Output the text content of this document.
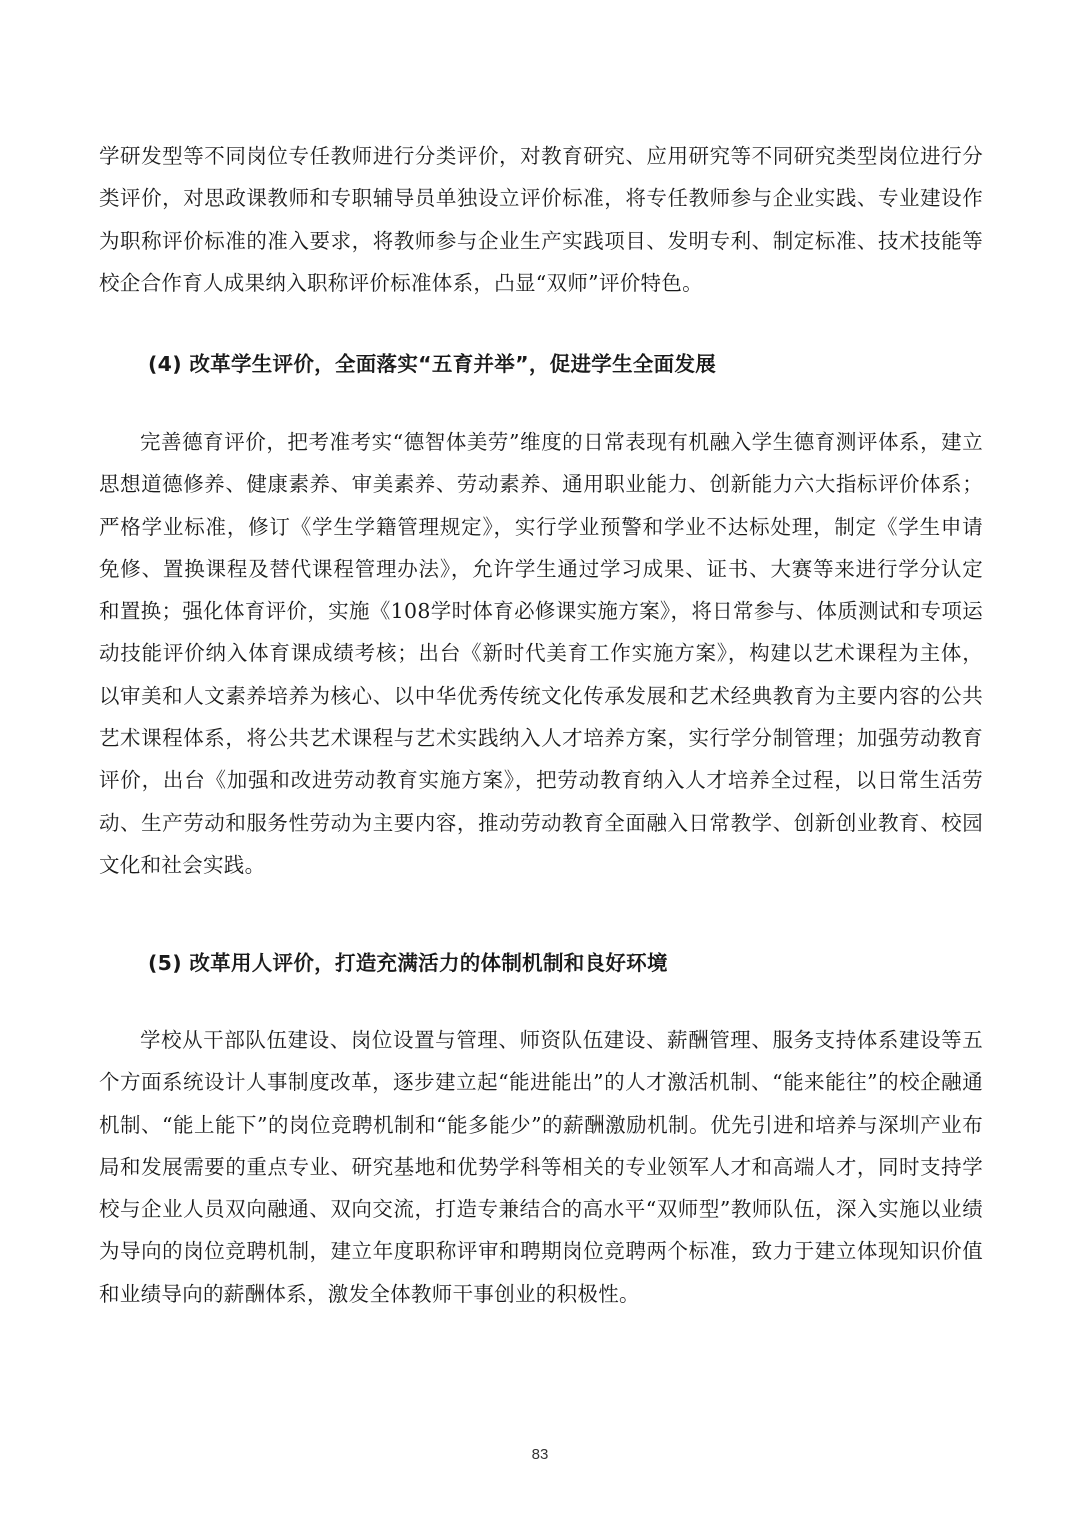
学研发型等不同岗位专任教师进行分类评价，对教育研究、应用研究等不同研究类型岗位进行分类评价，对思政课教师和专职辅导员单独设立评价标准，将专任教师参与企业实践、专业建设作为职称评价标准的准入要求，将教师参与企业生产实践项目、发明专利、制定标准、技术技能等校企合作育人成果纳入职称评价标准体系，凸显“双师”评价特色。

(4) 改革学生评价，全面落实“五育并举”，促进学生全面发展

完善德育评价，把考准考实“德智体美劳”维度的日常表现有机融入学生德育测评体系，建立思想道德修养、健康素养、审美素养、劳动素养、通用职业能力、创新能力六大指标评价体系；严格学业标准，修订《学生学籍管理规定》，实行学业预警和学业不达标处理，制定《学生申请免修、置换课程及替代课程管理办法》，允许学生通过学习成果、证书、大赛等来进行学分认定和置换；强化体育评价，实施《108学时体育必修课实施方案》，将日常参与、体质测试和专项运动技能评价纳入体育课成绩考核；出台《新时代美育工作实施方案》，构建以艺术课程为主体，以审美和人文素养培养为核心、以中华优秀传统文化传承发展和艺术经典教育为主要内容的公共艺术课程体系，将公共艺术课程与艺术实践纳入人才培养方案，实行学分制管理；加强劳动教育评价，出台《加强和改进劳动教育实施方案》，把劳动教育纳入人才培养全过程，以日常生活劳动、生产劳动和服务性劳动为主要内容，推动劳动教育全面融入日常教学、创新创业教育、校园文化和社会实践。

(5) 改革用人评价，打造充满活力的体制机制和良好环境

学校从干部队伍建设、岗位设置与管理、师资队伍建设、薪酬管理、服务支持体系建设等五个方面系统设计人事制度改革，逐步建立起“能进能出”的人才激活机制、“能来能往”的校企融通机制、“能上能下”的岗位竞聘机制和“能多能少”的薪酬激励机制。优先引进和培养与深圳产业布局和发展需要的重点专业、研究基地和优势学科等相关的专业领军人才和高端人才，同时支持学校与企业人员双向融通、双向交流，打造专兼结合的高水平“双师型”教师队伍，深入实施以业绩为导向的岗位竞聘机制，建立年度职称评审和聘期岗位竞聘两个标准，致力于建立体现知识价值和业绩导向的薪酬体系，激发全体教师干事创业的积极性。

83
